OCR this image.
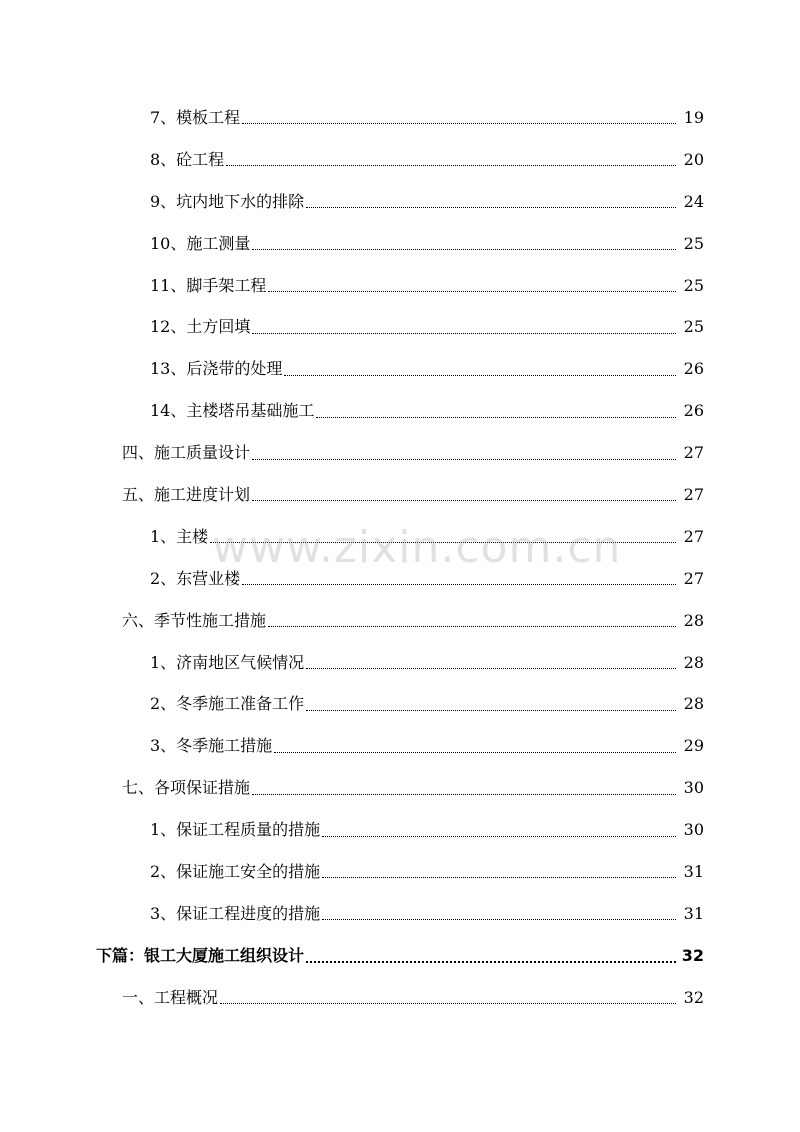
7、模板工程	19
8、砼工程	20
9、坑内地下水的排除	24
10、施工测量	25
11、脚手架工程	25
12、土方回填	25
13、后浇带的处理	26
14、主楼塔吊基础施工	26
四、施工质量设计	27
五、施工进度计划	27
1、主楼	27
2、东营业楼	27
六、季节性施工措施	28
1、济南地区气候情况	28
2、冬季施工准备工作	28
3、冬季施工措施	29
七、各项保证措施	30
1、保证工程质量的措施	30
2、保证施工安全的措施	31
3、保证工程进度的措施	31
下篇：银工大厦施工组织设计	32
一、工程概况	32
www.zixin.com.cn
